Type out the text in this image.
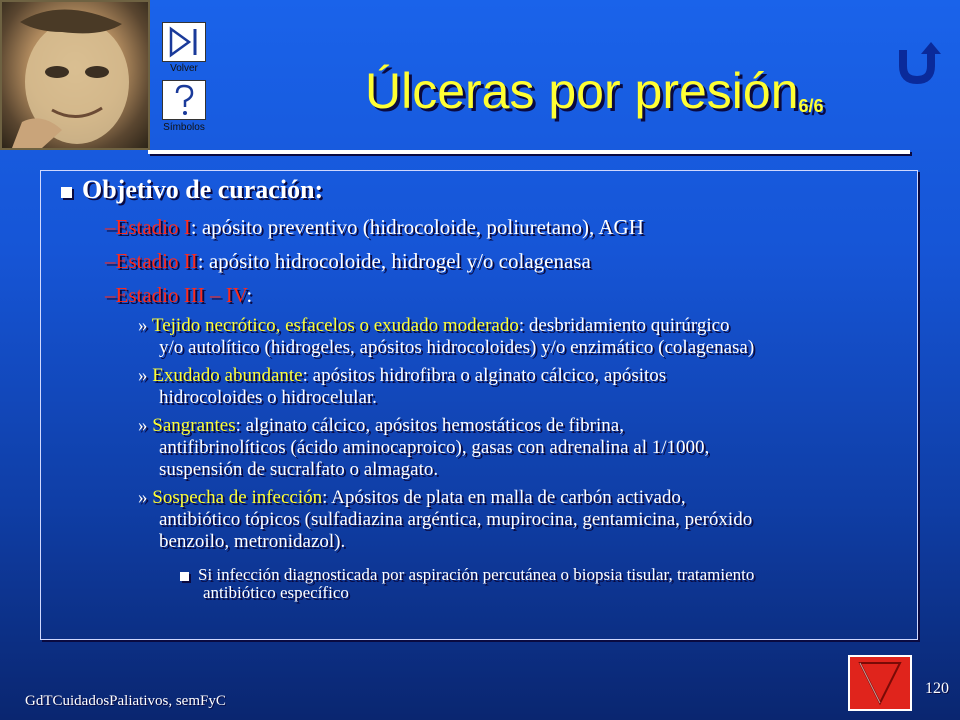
Volver
Símbolos
Úlceras por presión$_{6/6}$
Objetivo de curación:
–Estadio I: apósito preventivo (hidrocoloide, poliuretano), AGH
–Estadio II: apósito hidrocoloide, hidrogel y/o colagenasa
–Estadio III – IV:
» Tejido necrótico, esfacelos o exudado moderado: desbridamiento quirúrgico
y/o autolítico (hidrogeles, apósitos hidrocoloides) y/o enzimático (colagenasa)
» Exudado abundante: apósitos hidrofibra o alginato cálcico, apósitos
hidrocoloides o hidrocelular.
» Sangrantes: alginato cálcico, apósitos hemostáticos de fibrina,
antifibrinolíticos (ácido aminocaproico), gasas con adrenalina al 1/1000,
suspensión de sucralfato o almagato.
» Sospecha de infección: Apósitos de plata en malla de carbón activado,
antibiótico tópicos (sulfadiazina argéntica, mupirocina, gentamicina, peróxido
benzoilo, metronidazol).
Si infección diagnosticada por aspiración percutánea o biopsia tisular, tratamiento
antibiótico específico
GdTCuidadosPaliativos, semFyC
120
